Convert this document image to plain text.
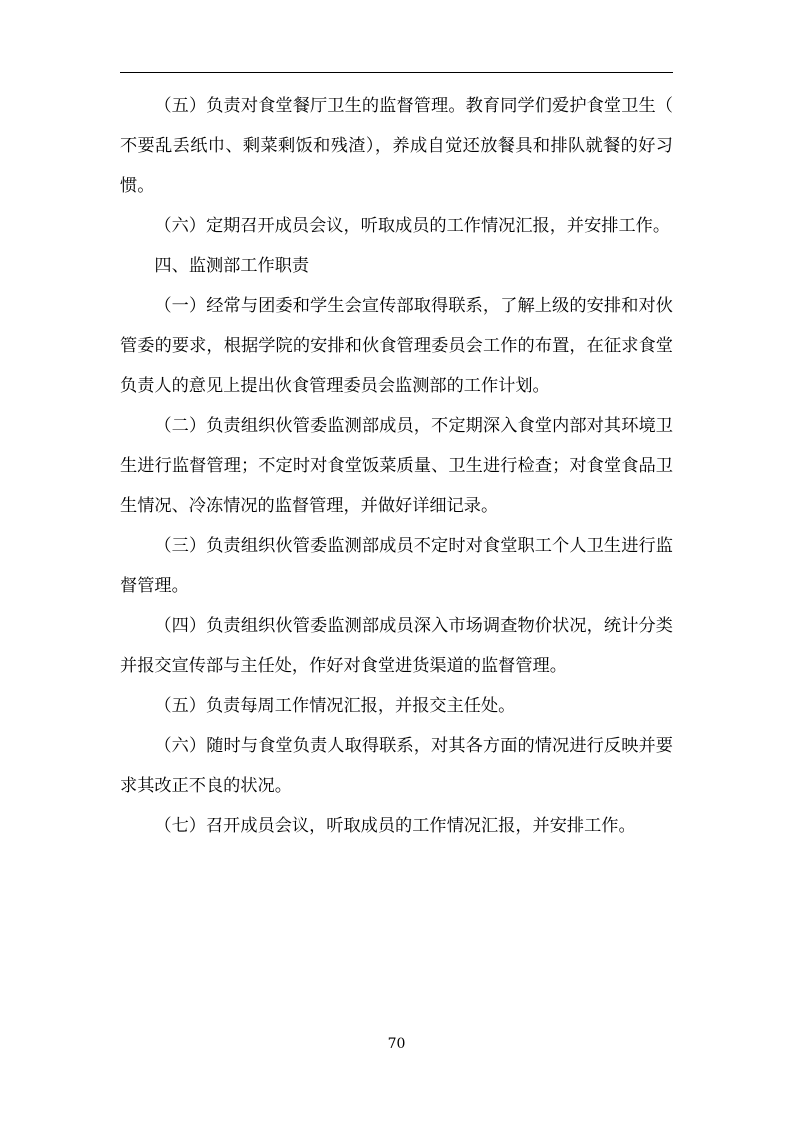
（五）负责对食堂餐厅卫生的监督管理。教育同学们爱护食堂卫生（不要乱丢纸巾、剩菜剩饭和残渣），养成自觉还放餐具和排队就餐的好习惯。

（六）定期召开成员会议，听取成员的工作情况汇报，并安排工作。

四、监测部工作职责

（一）经常与团委和学生会宣传部取得联系，了解上级的安排和对伙管委的要求，根据学院的安排和伙食管理委员会工作的布置，在征求食堂负责人的意见上提出伙食管理委员会监测部的工作计划。

（二）负责组织伙管委监测部成员，不定期深入食堂内部对其环境卫生进行监督管理；不定时对食堂饭菜质量、卫生进行检查；对食堂食品卫生情况、冷冻情况的监督管理，并做好详细记录。

（三）负责组织伙管委监测部成员不定时对食堂职工个人卫生进行监督管理。

（四）负责组织伙管委监测部成员深入市场调查物价状况，统计分类并报交宣传部与主任处，作好对食堂进货渠道的监督管理。

（五）负责每周工作情况汇报，并报交主任处。

（六）随时与食堂负责人取得联系，对其各方面的情况进行反映并要求其改正不良的状况。

（七）召开成员会议，听取成员的工作情况汇报，并安排工作。

70
